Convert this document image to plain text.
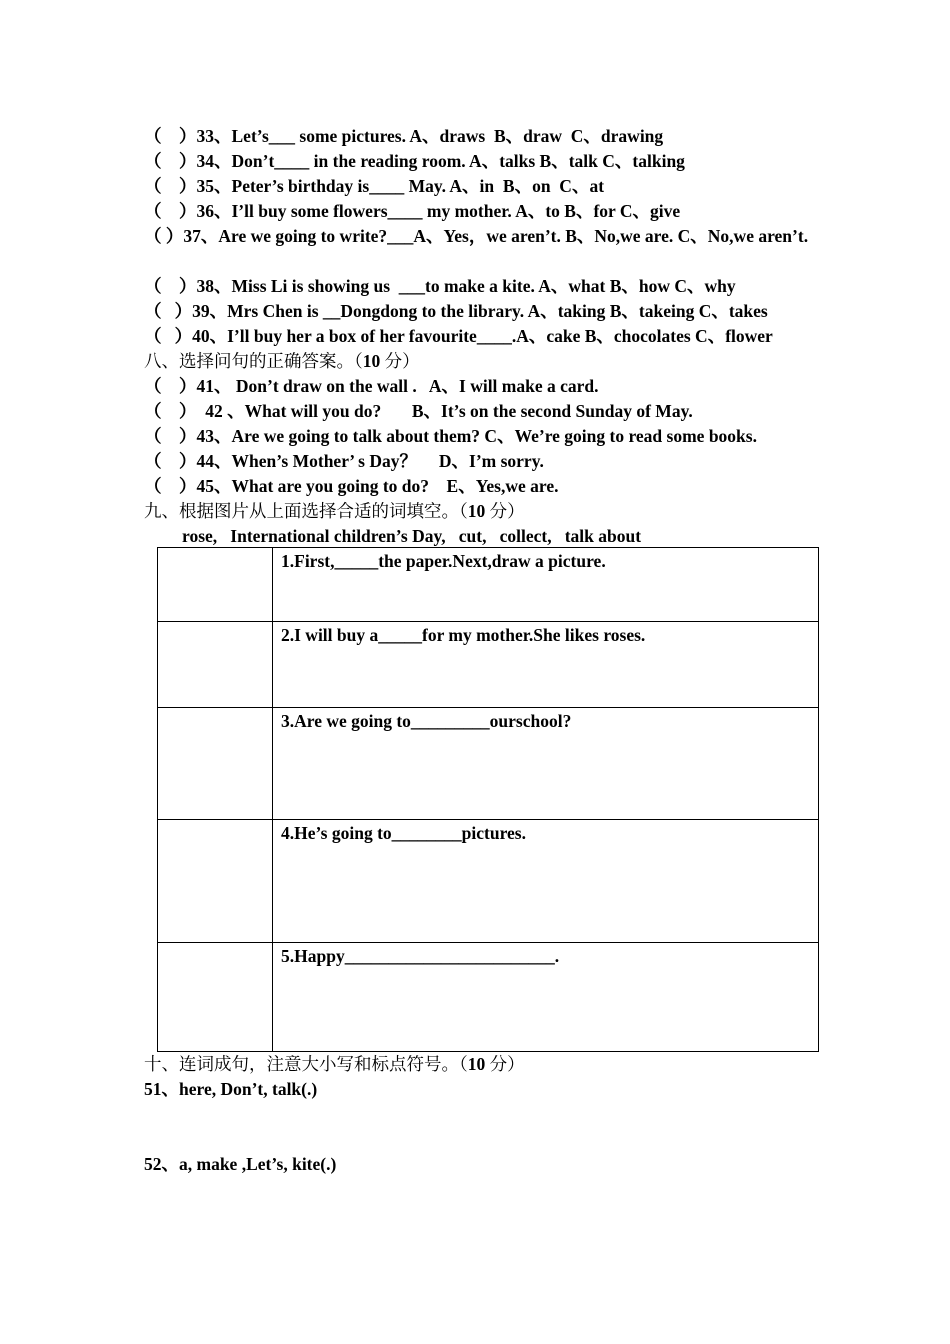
（    ）33、Let’s___ some pictures. A、draws  B、draw  C、drawing
（    ）34、Don’t____ in the reading room. A、talks B、talk C、talking
（    ）35、Peter’s birthday is____ May. A、in  B、on  C、at
（    ）36、I’ll buy some flowers____ my mother. A、to B、for C、give
（ ）37、Are we going to write?___A、Yes，we aren’t. B、No,we are. C、No,we aren’t.
（    ）38、Miss Li is showing us  ___to make a kite. A、what B、how C、why
（   ）39、Mrs Chen is __Dongdong to the library. A、taking B、takeing C、takes
（   ）40、I’ll buy her a box of her favourite____.A、cake B、chocolates C、flower
八、选择问句的正确答案。（10 分）
（    ）41、 Don’t draw on the wall .   A、I will make a card.
（    ）  42 、What will you do?       B、It’s on the second Sunday of May.
（    ）43、Are we going to talk about them? C、We’re going to read some books.
（    ）44、When’s Mother’ s Day？     D、I’m sorry.
（    ）45、What are you going to do?    E、Yes,we are.
九、根据图片从上面选择合适的词填空。（10 分）
rose,   International children’s Day,   cut,   collect,   talk about
	1.First,_____the paper.Next,draw a picture.
	2.I will buy a_____for my mother.She likes roses.
	3.Are we going to_________ourschool?
	4.He’s going to________pictures.
	5.Happy________________________.
十、连词成句，注意大小写和标点符号。（10 分）
51、here, Don’t, talk(.)
52、a, make ,Let’s, kite(.)
